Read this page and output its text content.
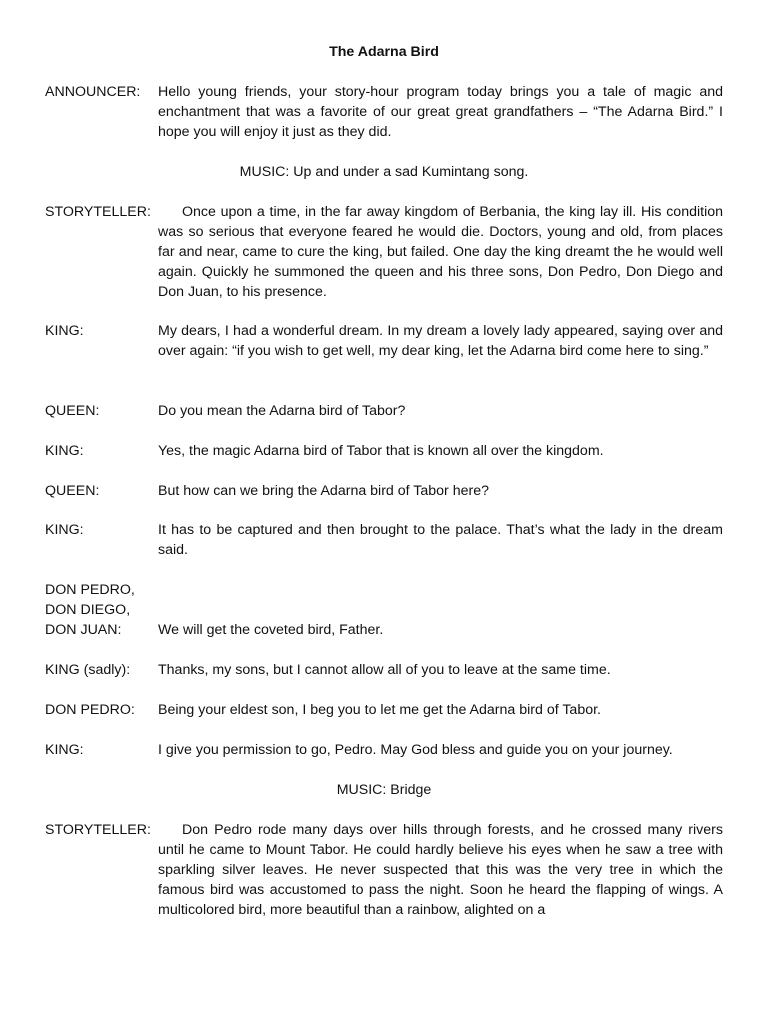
The Adarna Bird
ANNOUNCER:	Hello young friends, your story-hour program today brings you a tale of magic and enchantment that was a favorite of our great great grandfathers – “The Adarna Bird.” I hope you will enjoy it just as they did.
MUSIC: Up and under a sad Kumintang song.
STORYTELLER:	Once upon a time, in the far away kingdom of Berbania, the king lay ill. His condition was so serious that everyone feared he would die. Doctors, young and old, from places far and near, came to cure the king, but failed. One day the king dreamt the he would well again. Quickly he summoned the queen and his three sons, Don Pedro, Don Diego and Don Juan, to his presence.
KING:	My dears, I had a wonderful dream. In my dream a lovely lady appeared, saying over and over again: “if you wish to get well, my dear king, let the Adarna bird come here to sing.”
QUEEN:	Do you mean the Adarna bird of Tabor?
KING:	Yes, the magic Adarna bird of Tabor that is known all over the kingdom.
QUEEN:	But how can we bring the Adarna bird of Tabor here?
KING:	It has to be captured and then brought to the palace. That’s what the lady in the dream said.
DON PEDRO,
DON DIEGO,
DON JUAN:	We will get the coveted bird, Father.
KING (sadly):	Thanks, my sons, but I cannot allow all of you to leave at the same time.
DON PEDRO:	Being your eldest son, I beg you to let me get the Adarna bird of Tabor.
KING:	I give you permission to go, Pedro. May God bless and guide you on your journey.
MUSIC: Bridge
STORYTELLER:	Don Pedro rode many days over hills through forests, and he crossed many rivers until he came to Mount Tabor. He could hardly believe his eyes when he saw a tree with sparkling silver leaves. He never suspected that this was the very tree in which the famous bird was accustomed to pass the night. Soon he heard the flapping of wings. A multicolored bird, more beautiful than a rainbow, alighted on a
